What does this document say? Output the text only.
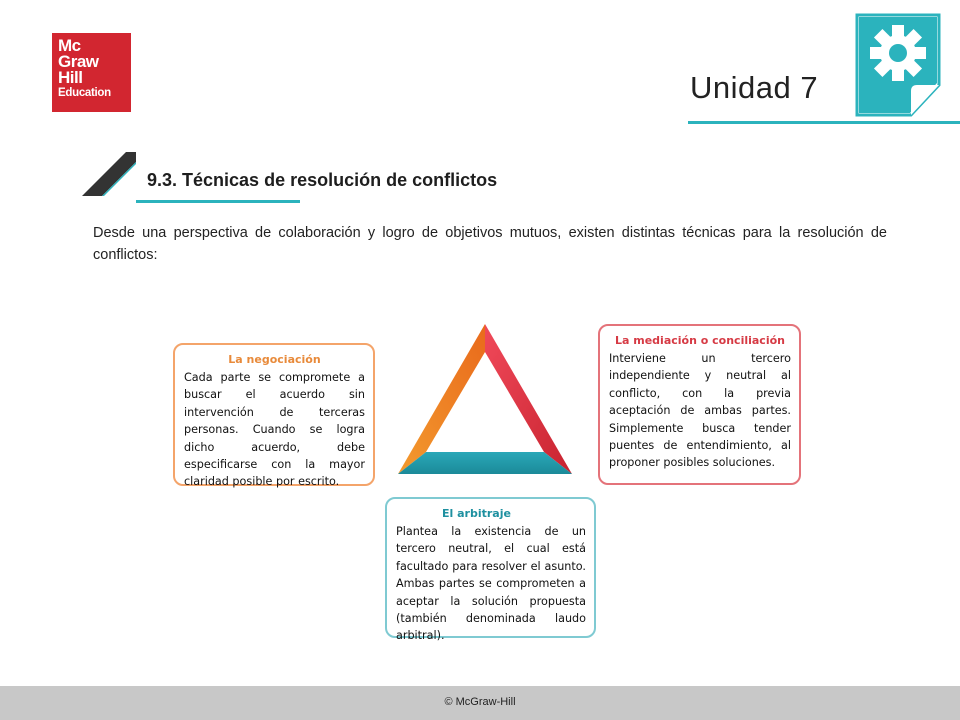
Mc
Graw
Hill
Education	Unidad 7
9.3. Técnicas de resolución de conflictos

Desde una perspectiva de colaboración y logro de objetivos mutuos, existen distintas técnicas para la resolución de conflictos:

La negociación

Cada parte se compromete a buscar el acuerdo sin intervención de terceras personas. Cuando se logra dicho acuerdo, debe especificarse con la mayor claridad posible por escrito.

La mediación o conciliación

Interviene un tercero independiente y neutral al conflicto, con la previa aceptación de ambas partes. Simplemente busca tender puentes de entendimiento, al proponer posibles soluciones.

El arbitraje

Plantea la existencia de un tercero neutral, el cual está facultado para resolver el asunto. Ambas partes se comprometen a aceptar la solución propuesta (también denominada laudo arbitral).

© McGraw-Hill
